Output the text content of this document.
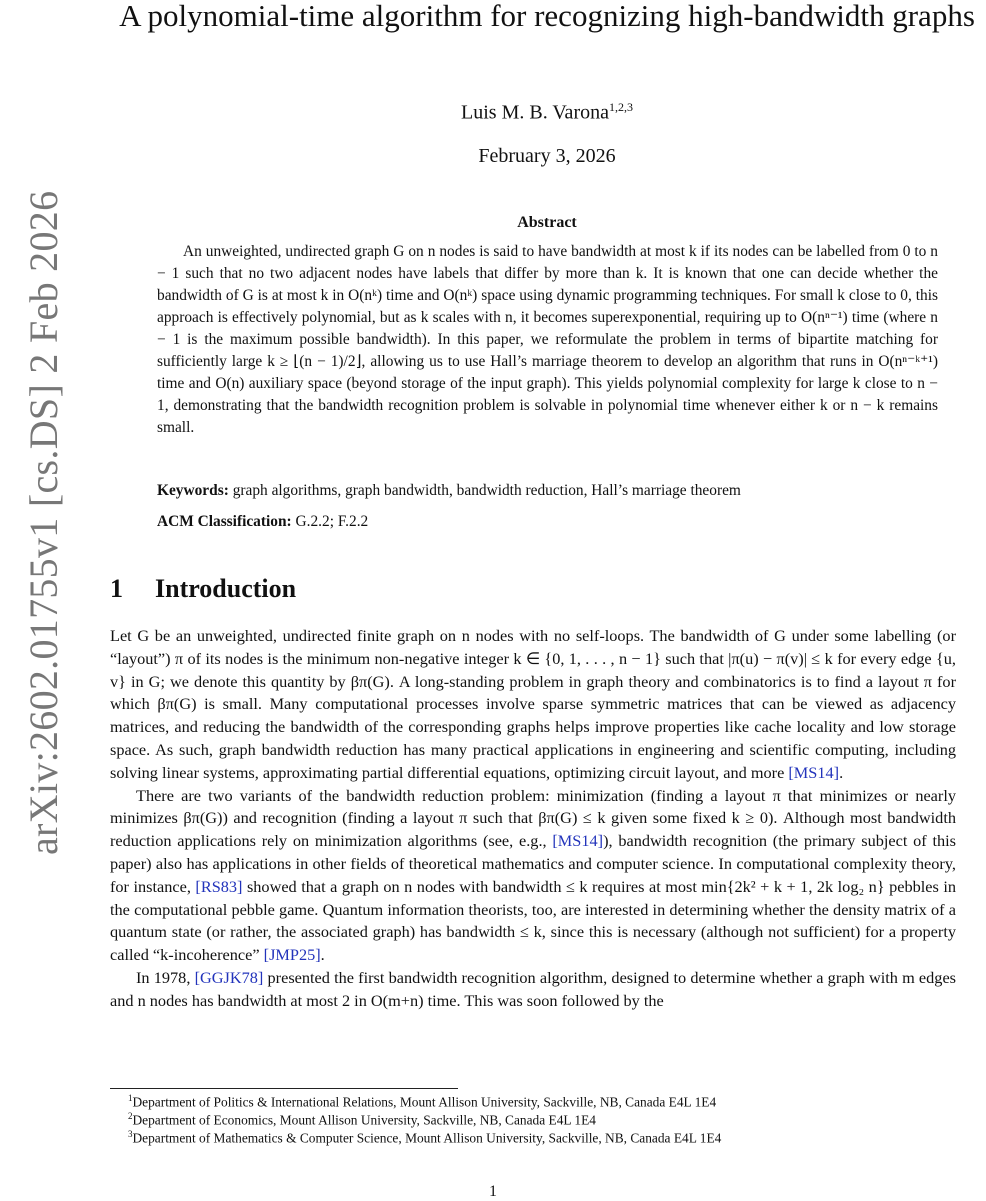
arXiv:2602.01755v1 [cs.DS] 2 Feb 2026
A polynomial-time algorithm for recognizing high-bandwidth graphs
Luis M. B. Varona$^{1,2,3}$
February 3, 2026
Abstract

An unweighted, undirected graph G on n nodes is said to have bandwidth at most k if its nodes can be labelled from 0 to n − 1 such that no two adjacent nodes have labels that differ by more than k. It is known that one can decide whether the bandwidth of G is at most k in O(nᵏ) time and O(nᵏ) space using dynamic programming techniques. For small k close to 0, this approach is effectively polynomial, but as k scales with n, it becomes superexponential, requiring up to O(nⁿ⁻¹) time (where n − 1 is the maximum possible bandwidth). In this paper, we reformulate the problem in terms of bipartite matching for sufficiently large k ≥ ⌊(n − 1)/2⌋, allowing us to use Hall’s marriage theorem to develop an algorithm that runs in O(nⁿ⁻ᵏ⁺¹) time and O(n) auxiliary space (beyond storage of the input graph). This yields polynomial complexity for large k close to n − 1, demonstrating that the bandwidth recognition problem is solvable in polynomial time whenever either k or n − k remains small.

Keywords: graph algorithms, graph bandwidth, bandwidth reduction, Hall’s marriage theorem
ACM Classification: G.2.2; F.2.2
1 Introduction

Let G be an unweighted, undirected finite graph on n nodes with no self-loops. The bandwidth of G under some labelling (or “layout”) π of its nodes is the minimum non-negative integer k ∈ {0, 1, . . . , n − 1} such that |π(u) − π(v)| ≤ k for every edge {u, v} in G; we denote this quantity by βπ(G). A long-standing problem in graph theory and combinatorics is to find a layout π for which βπ(G) is small. Many computational processes involve sparse symmetric matrices that can be viewed as adjacency matrices, and reducing the bandwidth of the corresponding graphs helps improve properties like cache locality and low storage space. As such, graph bandwidth reduction has many practical applications in engineering and scientific computing, including solving linear systems, approximating partial differential equations, optimizing circuit layout, and more [MS14].

There are two variants of the bandwidth reduction problem: minimization (finding a layout π that minimizes or nearly minimizes βπ(G)) and recognition (finding a layout π such that βπ(G) ≤ k given some fixed k ≥ 0). Although most bandwidth reduction applications rely on minimization algorithms (see, e.g., [MS14]), bandwidth recognition (the primary subject of this paper) also has applications in other fields of theoretical mathematics and computer science. In computational complexity theory, for instance, [RS83] showed that a graph on n nodes with bandwidth ≤ k requires at most min{2k² + k + 1, 2k log₂ n} pebbles in the computational pebble game. Quantum information theorists, too, are interested in determining whether the density matrix of a quantum state (or rather, the associated graph) has bandwidth ≤ k, since this is necessary (although not sufficient) for a property called “k-incoherence” [JMP25].

In 1978, [GGJK78] presented the first bandwidth recognition algorithm, designed to determine whether a graph with m edges and n nodes has bandwidth at most 2 in O(m+n) time. This was soon followed by the

$^1$Department of Politics & International Relations, Mount Allison University, Sackville, NB, Canada E4L 1E4
$^2$Department of Economics, Mount Allison University, Sackville, NB, Canada E4L 1E4
$^3$Department of Mathematics & Computer Science, Mount Allison University, Sackville, NB, Canada E4L 1E4
1
